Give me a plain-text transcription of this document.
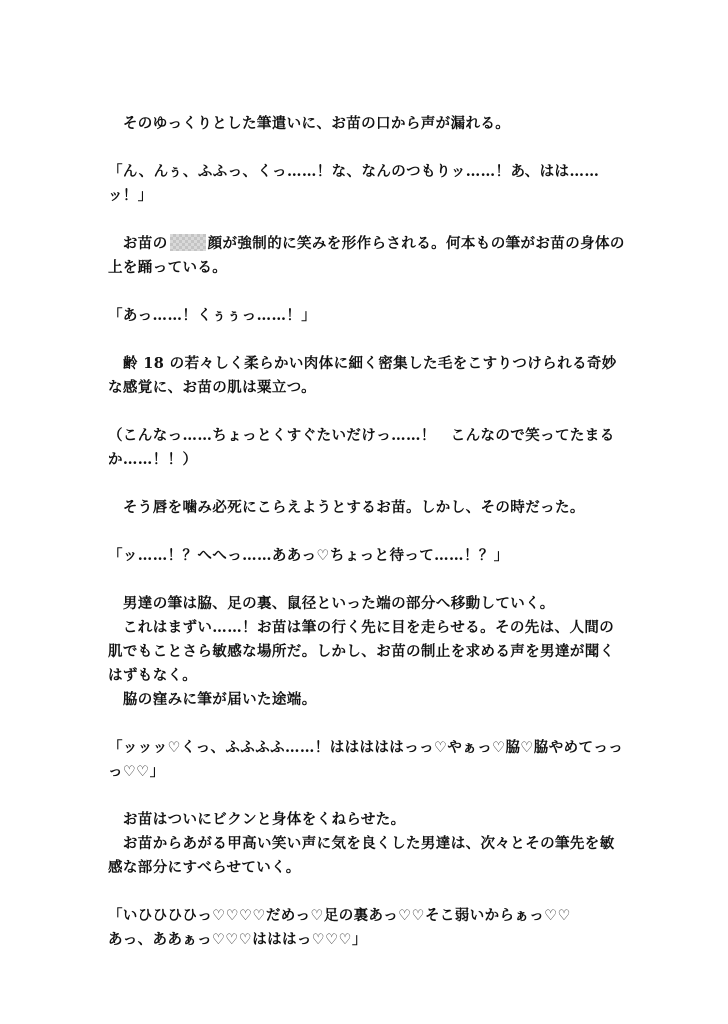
　そのゆっくりとした筆遣いに、お苗の口から声が漏れる。

「ん、んぅ、ふふっ、くっ……！な、なんのつもりッ……！あ、はは……ッ！」

　お苗の	顔が強制的に笑みを形作らされる。何本もの筆がお苗の身体の
上を踊っている。

「あっ……！くぅぅっ……！」

　齢 18 の若々しく柔らかい肉体に細く密集した毛をこすりつけられる奇妙
な感覚に、お苗の肌は粟立つ。

（こんなっ……ちょっとくすぐたいだけっ……！　こんなので笑ってたまる
か……！！）

　そう唇を噛み必死にこらえようとするお苗。しかし、その時だった。

「ッ……！？へへっ……ああっ♡ちょっと待って……！？」

　男達の筆は脇、足の裏、鼠径といった端の部分へ移動していく。
　これはまずい……！お苗は筆の行く先に目を走らせる。その先は、人間の
肌でもことさら敏感な場所だ。しかし、お苗の制止を求める声を男達が聞く
はずもなく。
　脇の窪みに筆が届いた途端。

「ッッッ♡くっ、ふふふふ……！はははははっっ♡やぁっ♡脇♡脇やめてっっ
っ♡♡」

　お苗はついにビクンと身体をくねらせた。
　お苗からあがる甲高い笑い声に気を良くした男達は、次々とその筆先を敏
感な部分にすべらせていく。

「いひひひひっ♡♡♡♡だめっ♡足の裏あっ♡♡そこ弱いからぁっ♡♡
あっ、ああぁっ♡♡♡はははっ♡♡♡」
